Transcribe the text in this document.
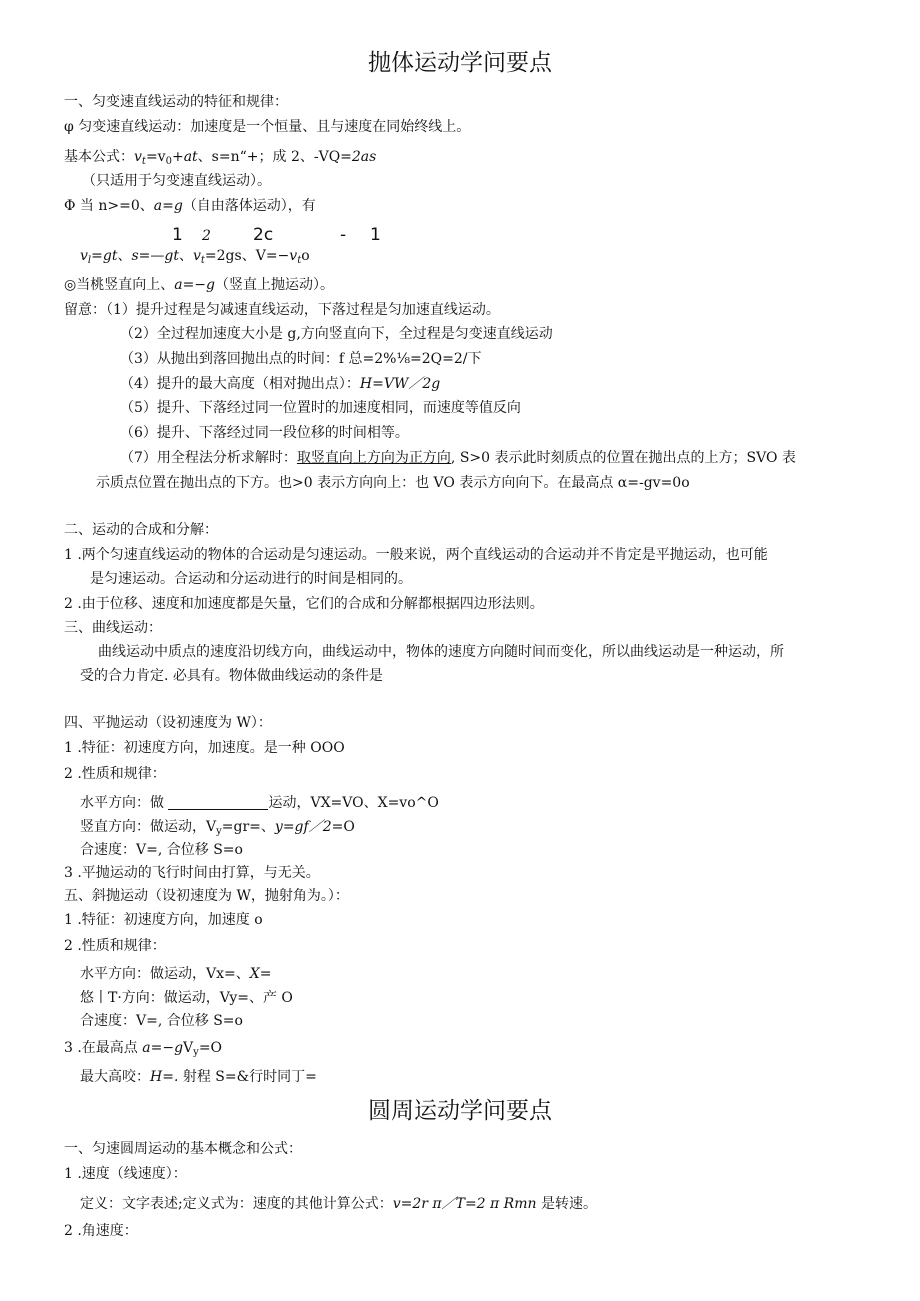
抛体运动学问要点
一、匀变速直线运动的特征和规律：
φ 匀变速直线运动：加速度是一个恒量、且与速度在同始终线上。
基本公式：$v_t=v_0+at$、s=n“+；成 2、-VQ=2as
（只适用于匀变速直线运动）。
Φ 当 n>=0、a=g（自由落体运动），有
1 2 2c	- 1
$v_l=gt$、s=—gt、$v_t=2gs$、$V=-v_to$
◎当桃竖直向上、a=−g（竖直上抛运动）。
留意：（1）提升过程是匀减速直线运动，下落过程是匀加速直线运动。
（2）全过程加速度大小是 g,方向竖直向下，全过程是匀变速直线运动
（3）从抛出到落回抛出点的时间：f 总=2%⅛=2Q=2/下
（4）提升的最大高度（相对抛出点）：H=VW／2g
（5）提升、下落经过同一位置时的加速度相同，而速度等值反向
（6）提升、下落经过同一段位移的时间相等。
（7）用全程法分析求解时：取竖直向上方向为正方向, S>0 表示此时刻质点的位置在抛出点的上方；SVO 表
示质点位置在抛出点的下方。也>0 表示方向向上：也 VO 表示方向向下。在最高点 α=-gv=0o
二、运动的合成和分解：
1 .两个匀速直线运动的物体的合运动是匀速运动。一般来说，两个直线运动的合运动并不肯定是平抛运动，也可能
是匀速运动。合运动和分运动进行的时间是相同的。
2 .由于位移、速度和加速度都是矢量，它们的合成和分解都根据四边形法则。
三、曲线运动：
曲线运动中质点的速度沿切线方向，曲线运动中，物体的速度方向随时间而变化，所以曲线运动是一种运动，所
受的合力肯定. 必具有。物体做曲线运动的条件是
四、平抛运动（设初速度为 W）：
1 .特征：初速度方向，加速度。是一种 OOO
2 .性质和规律：
水平方向：做	运动，VX=VO、X=vo^O
竖直方向：做运动，$V_y=gr=$、y=gf／2=O
合速度：V=, 合位移 S=o
3 .平抛运动的飞行时间由打算，与无关。
五、斜抛运动（设初速度为 W，抛射角为。）：
1 .特征：初速度方向，加速度 o
2 .性质和规律：
水平方向：做运动，Vx=、X=
悠丨T·方向：做运动，Vy=、产 O
合速度：V=, 合位移 S=o
3 .在最高点 $a=-gV_y=O$
最大高咬：H=. 射程 S=&行时同丁=
圆周运动学问要点
一、匀速圆周运动的基本概念和公式：
1 .速度（线速度）：
定义：文字表述;定义式为：速度的其他计算公式：v=2r π／T=2 π Rmn 是转速。
2 .角速度：
